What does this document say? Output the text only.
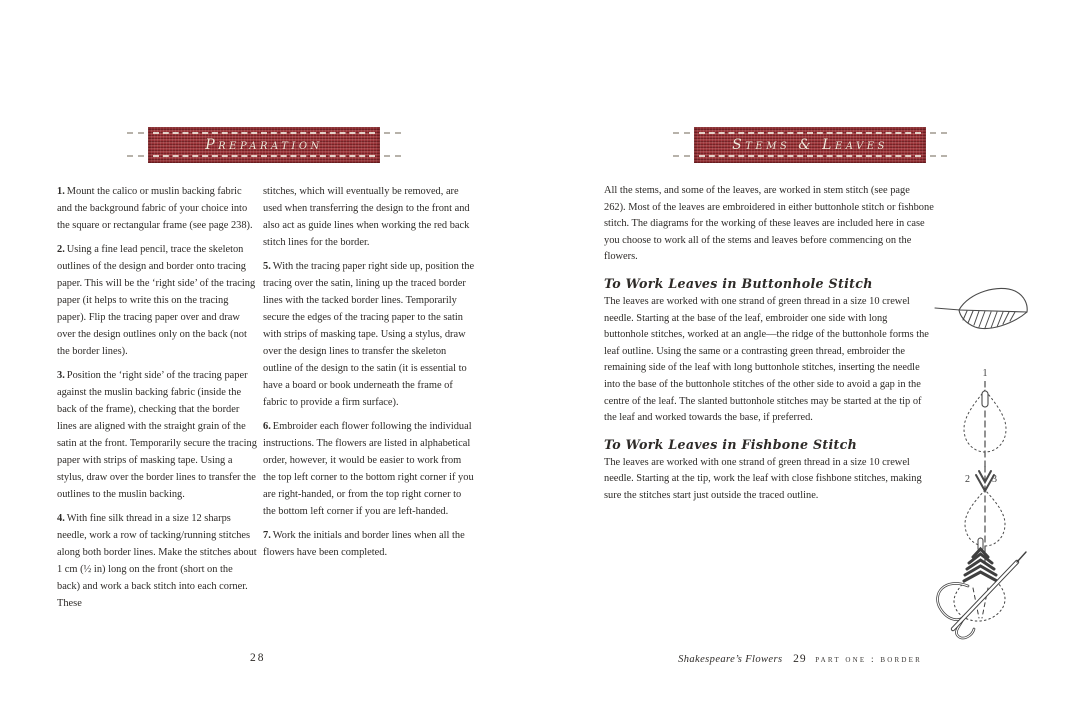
Preparation

1. Mount the calico or muslin backing fabric and the background fabric of your choice into the square or rectangular frame (see page 238).

2. Using a fine lead pencil, trace the skeleton outlines of the design and border onto tracing paper. This will be the ‘right side’ of the tracing paper (it helps to write this on the tracing paper). Flip the tracing paper over and draw over the design outlines only on the back (not the border lines).

3. Position the ‘right side’ of the tracing paper against the muslin backing fabric (inside the back of the frame), checking that the border lines are aligned with the straight grain of the satin at the front. Temporarily secure the tracing paper with strips of masking tape. Using a stylus, draw over the border lines to transfer the outlines to the muslin backing.

4. With fine silk thread in a size 12 sharps needle, work a row of tacking/running stitches along both border lines. Make the stitches about 1 cm (½ in) long on the front (short on the back) and work a back stitch into each corner. These

stitches, which will eventually be removed, are used when transferring the design to the front and also act as guide lines when working the red back stitch lines for the border.

5. With the tracing paper right side up, position the tracing over the satin, lining up the traced border lines with the tacked border lines. Temporarily secure the edges of the tracing paper to the satin with strips of masking tape. Using a stylus, draw over the design lines to transfer the skeleton outline of the design to the satin (it is essential to have a board or book underneath the frame of fabric to provide a firm surface).

6. Embroider each flower following the individual instructions. The flowers are listed in alphabetical order, however, it would be easier to work from the top left corner to the bottom right corner if you are right-handed, or from the top right corner to the bottom left corner if you are left-handed.

7. Work the initials and border lines when all the flowers have been completed.

28
Stems & Leaves

All the stems, and some of the leaves, are worked in stem stitch (see page 262). Most of the leaves are embroidered in either buttonhole stitch or fishbone stitch. The diagrams for the working of these leaves are included here in case you choose to work all of the stems and leaves before commencing on the flowers.

To Work Leaves in Buttonhole Stitch

The leaves are worked with one strand of green thread in a size 10 crewel needle. Starting at the base of the leaf, embroider one side with long buttonhole stitches, worked at an angle—the ridge of the buttonhole forms the leaf outline. Using the same or a contrasting green thread, embroider the remaining side of the leaf with long buttonhole stitches, inserting the needle into the base of the buttonhole stitches of the other side to avoid a gap in the centre of the leaf. The slanted buttonhole stitches may be started at the tip of the leaf and worked towards the base, if preferred.

To Work Leaves in Fishbone Stitch

The leaves are worked with one strand of green thread in a size 10 crewel needle. Starting at the tip, work the leaf with close fishbone stitches, making sure the stitches start just outside the traced outline.

1
2 3
Shakespeare’s Flowers 29 part one : border
